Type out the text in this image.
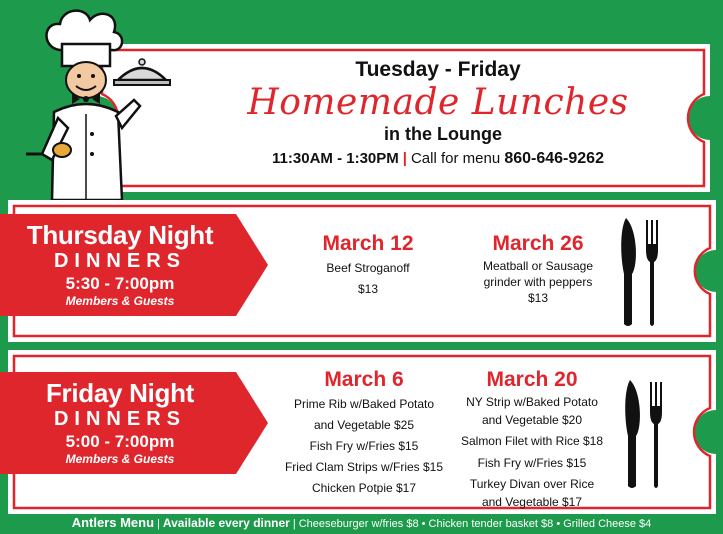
Tuesday - Friday
Homemade Lunches
in the Lounge
11:30AM - 1:30PM | Call for menu 860-646-9262
Thursday Night
DINNERS
5:30 - 7:00pm
Members & Guests
March 12
Beef Stroganoff
$13
March 26
Meatball or Sausage
grinder with peppers
$13
Friday Night
DINNERS
5:00 - 7:00pm
Members & Guests
March 6
Prime Rib w/Baked Potato
and Vegetable $25
Fish Fry w/Fries $15
Fried Clam Strips w/Fries $15
Chicken Potpie $17
March 20
NY Strip w/Baked Potato
and Vegetable $20
Salmon Filet with Rice $18
Fish Fry w/Fries $15
Turkey Divan over Rice
and Vegetable $17
Antlers Menu | Available every dinner | Cheeseburger w/fries $8 • Chicken tender basket $8 • Grilled Cheese $4
